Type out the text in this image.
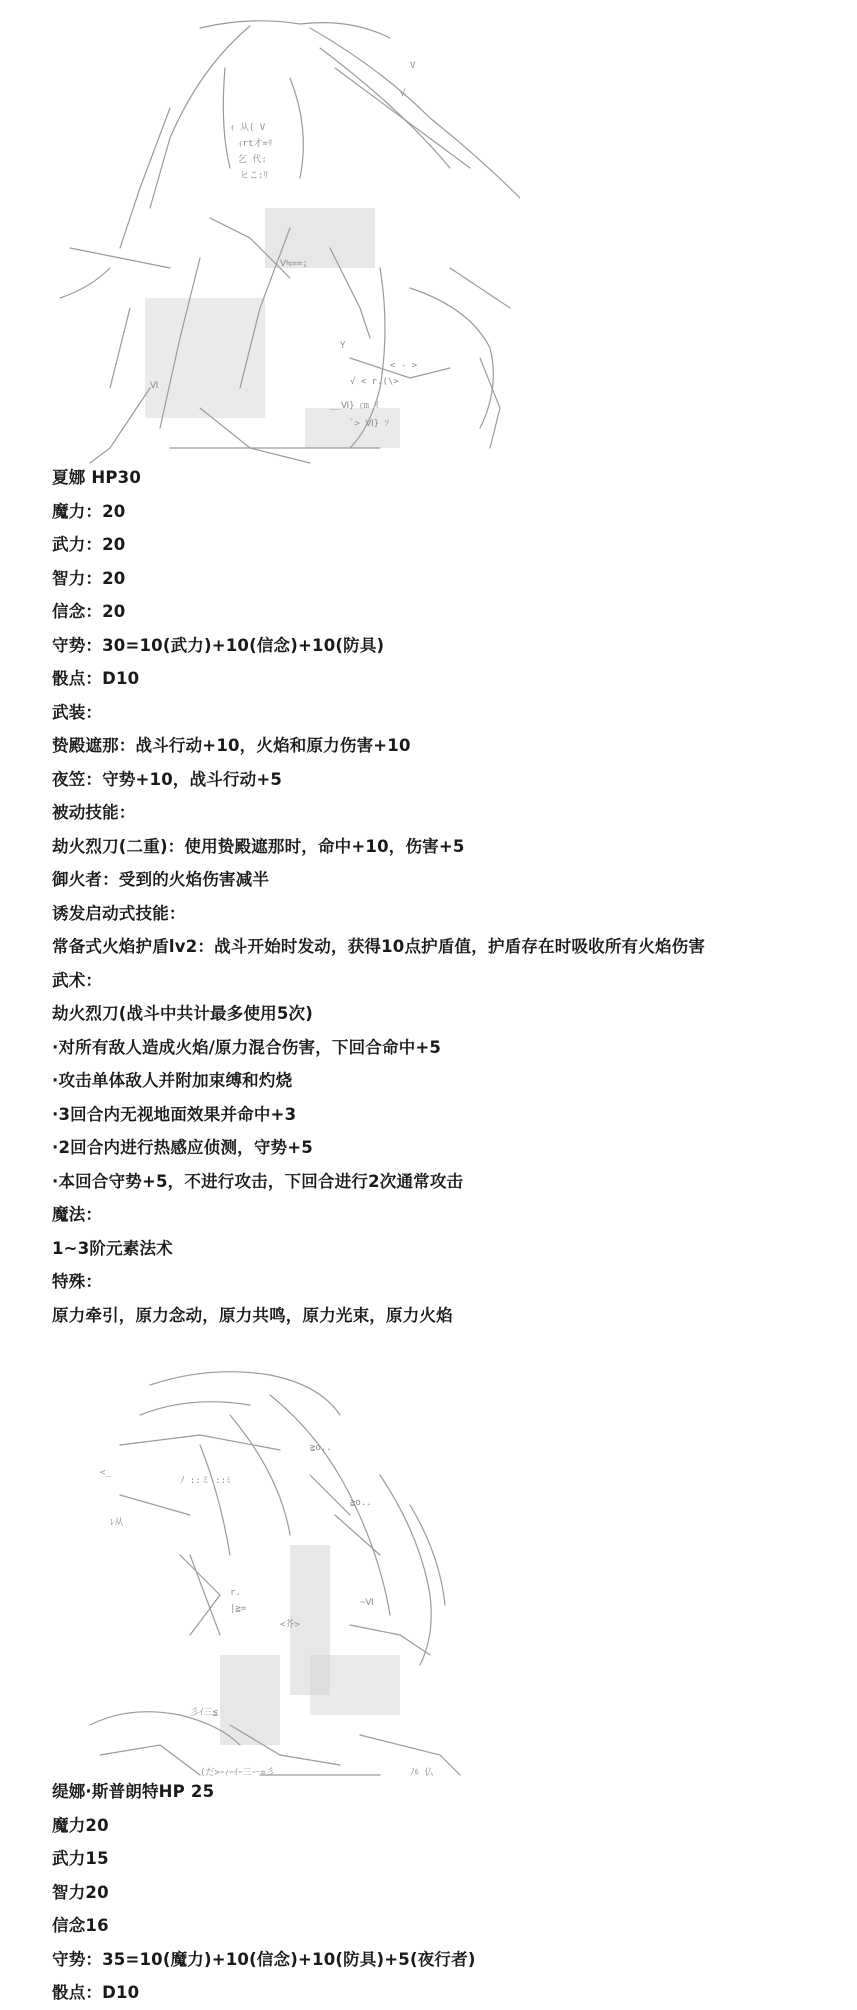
ｨ 从( V
ｨrt才=ﾘ
乞 代:
ヒこ:ﾘ
Ⅴ≒==;
Y
√ < r.(\>
__Ⅵ} ㎝ ｲ
ﾟ> Ⅵ} ｿ
< - >
Ⅵ
V
√
夏娜 HP30
魔力：20
武力：20
智力：20
信念：20
守势：30=10(武力)+10(信念)+10(防具)
骰点：D10
武装：
贽殿遮那：战斗行动+10，火焰和原力伤害+10
夜笠：守势+10，战斗行动+5
被动技能：
劫火烈刀(二重)：使用贽殿遮那时，命中+10，伤害+5
御火者：受到的火焰伤害减半
诱发启动式技能：
常备式火焰护盾lv2：战斗开始时发动，获得10点护盾值，护盾存在时吸收所有火焰伤害
武术：
劫火烈刀(战斗中共计最多使用5次)
·对所有敌人造成火焰/原力混合伤害，下回合命中+5
·攻击单体敌人并附加束缚和灼烧
·3回合内无视地面效果并命中+3
·2回合内进行热感应侦测，守势+5
·本回合守势+5，不进行攻击，下回合进行2次通常攻击
魔法：
1~3阶元素法术
特殊：
原力牵引，原力念动，原力共鸣，原力光束，原力火焰
<_
ﾉ ::ミ ::ﾐ
ﾚ从
≧o..
≧o..
r.
|≧=
<芥>
彡ｲ三≦
(だ>ｰｨｰｲｰ三ー=彡
~Ⅵ
ﾉﾙ 仏
缇娜·斯普朗特HP 25
魔力20
武力15
智力20
信念16
守势：35=10(魔力)+10(信念)+10(防具)+5(夜行者)
骰点：D10
